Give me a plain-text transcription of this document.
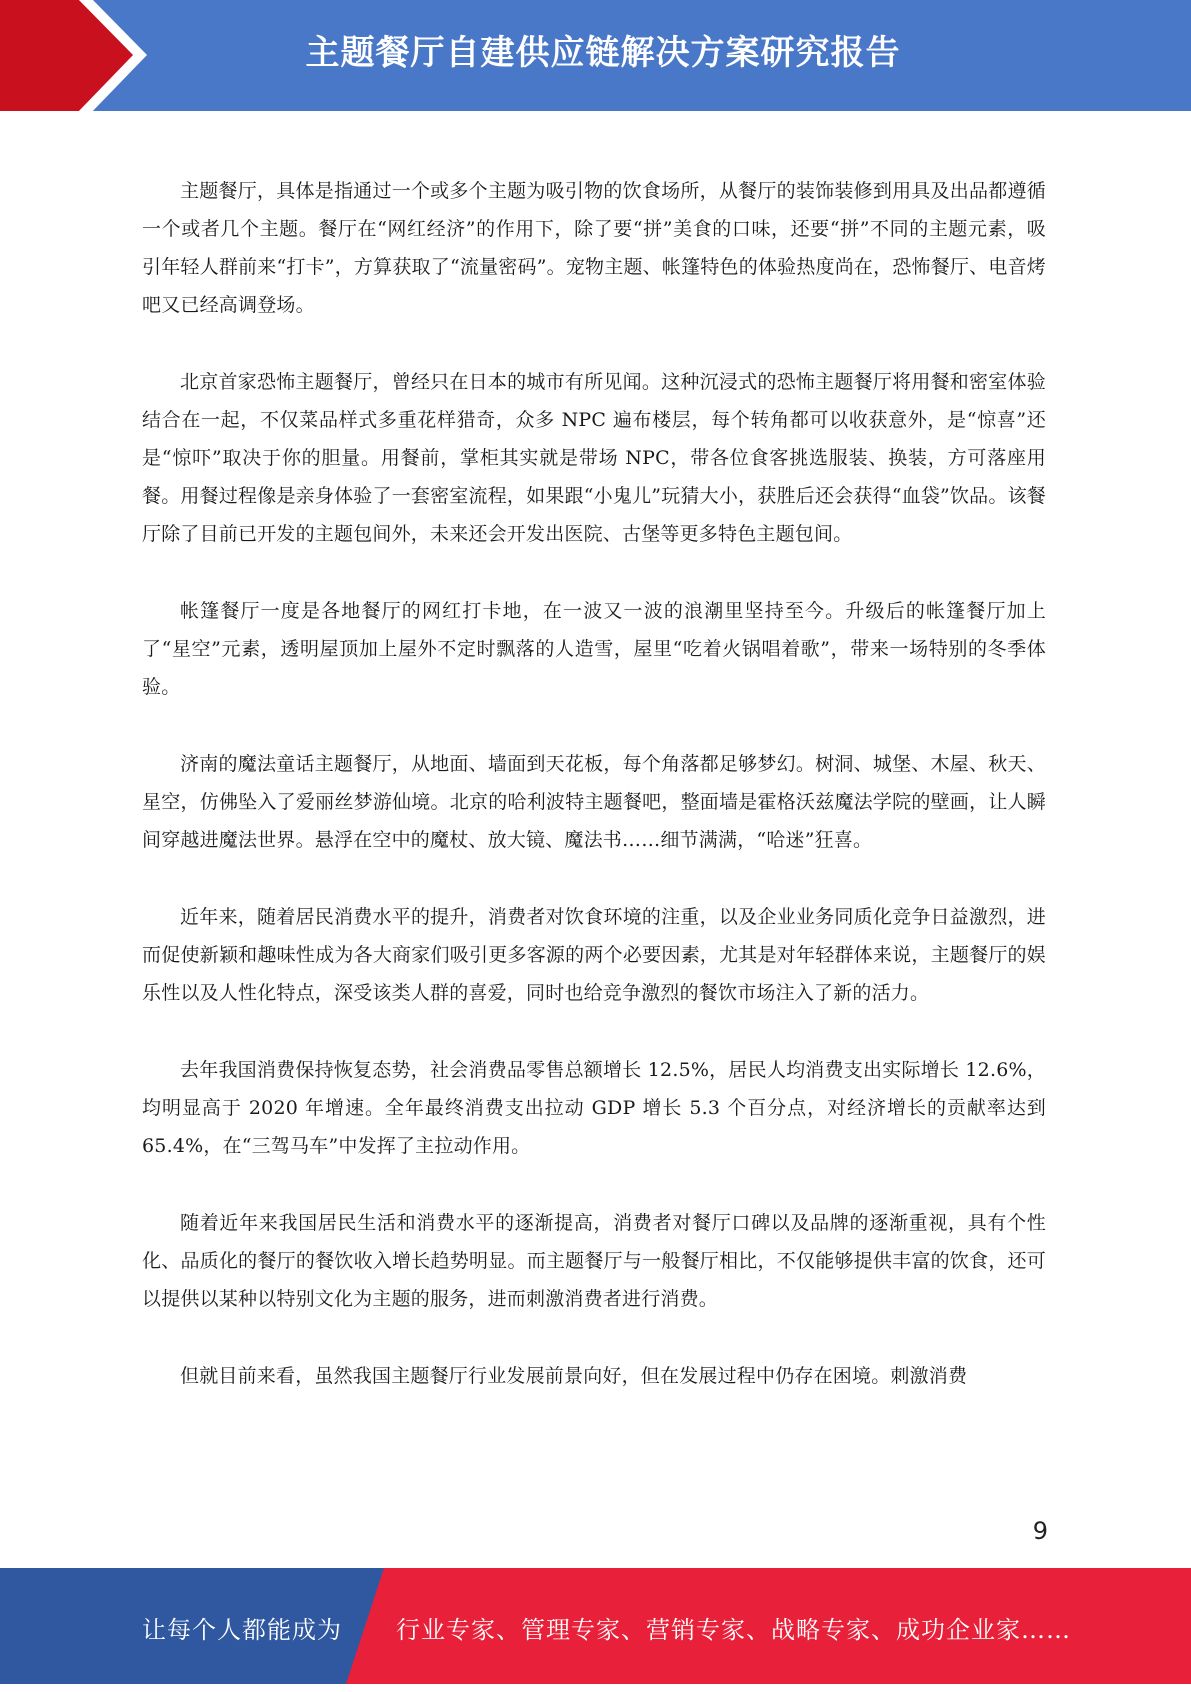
主题餐厅自建供应链解决方案研究报告

主题餐厅，具体是指通过一个或多个主题为吸引物的饮食场所，从餐厅的装饰装修到用具及出品都遵循一个或者几个主题。餐厅在“网红经济”的作用下，除了要“拼”美食的口味，还要“拼”不同的主题元素，吸引年轻人群前来“打卡”，方算获取了“流量密码”。宠物主题、帐篷特色的体验热度尚在，恐怖餐厅、电音烤吧又已经高调登场。

北京首家恐怖主题餐厅，曾经只在日本的城市有所见闻。这种沉浸式的恐怖主题餐厅将用餐和密室体验结合在一起，不仅菜品样式多重花样猎奇，众多 NPC 遍布楼层，每个转角都可以收获意外，是“惊喜”还是“惊吓”取决于你的胆量。用餐前，掌柜其实就是带场 NPC，带各位食客挑选服装、换装，方可落座用餐。用餐过程像是亲身体验了一套密室流程，如果跟“小鬼儿”玩猜大小，获胜后还会获得“血袋”饮品。该餐厅除了目前已开发的主题包间外，未来还会开发出医院、古堡等更多特色主题包间。

帐篷餐厅一度是各地餐厅的网红打卡地，在一波又一波的浪潮里坚持至今。升级后的帐篷餐厅加上了“星空”元素，透明屋顶加上屋外不定时飘落的人造雪，屋里“吃着火锅唱着歌”，带来一场特别的冬季体验。

济南的魔法童话主题餐厅，从地面、墙面到天花板，每个角落都足够梦幻。树洞、城堡、木屋、秋天、星空，仿佛坠入了爱丽丝梦游仙境。北京的哈利波特主题餐吧，整面墙是霍格沃兹魔法学院的壁画，让人瞬间穿越进魔法世界。悬浮在空中的魔杖、放大镜、魔法书……细节满满，“哈迷”狂喜。

近年来，随着居民消费水平的提升，消费者对饮食环境的注重，以及企业业务同质化竞争日益激烈，进而促使新颖和趣味性成为各大商家们吸引更多客源的两个必要因素，尤其是对年轻群体来说，主题餐厅的娱乐性以及人性化特点，深受该类人群的喜爱，同时也给竞争激烈的餐饮市场注入了新的活力。

去年我国消费保持恢复态势，社会消费品零售总额增长 12.5%，居民人均消费支出实际增长 12.6%，均明显高于 2020 年增速。全年最终消费支出拉动 GDP 增长 5.3 个百分点，对经济增长的贡献率达到 65.4%，在“三驾马车”中发挥了主拉动作用。

随着近年来我国居民生活和消费水平的逐渐提高，消费者对餐厅口碑以及品牌的逐渐重视，具有个性化、品质化的餐厅的餐饮收入增长趋势明显。而主题餐厅与一般餐厅相比，不仅能够提供丰富的饮食，还可以提供以某种以特别文化为主题的服务，进而刺激消费者进行消费。

但就目前来看，虽然我国主题餐厅行业发展前景向好，但在发展过程中仍存在困境。刺激消费

9
让每个人都能成为 行业专家、管理专家、营销专家、战略专家、成功企业家……
